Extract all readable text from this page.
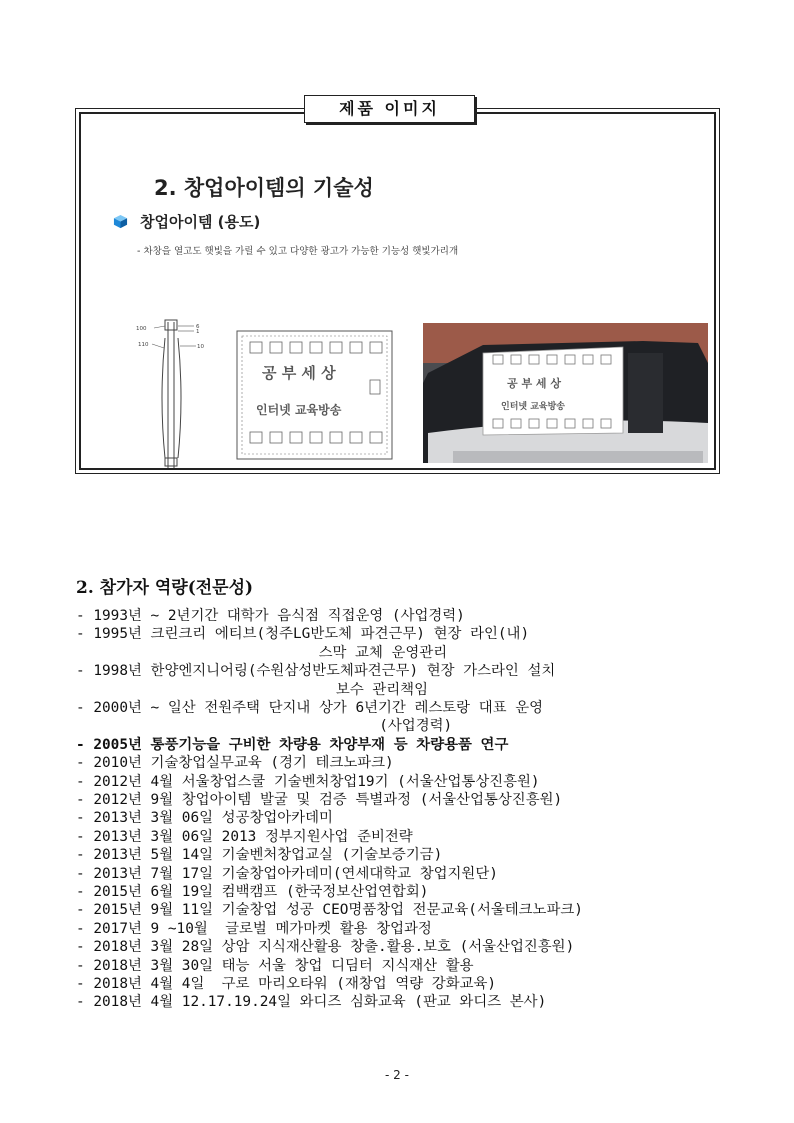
제품 이미지
2. 창업아이템의 기술성
창업아이템 (용도)
- 차창을 열고도 햇빛을 가릴 수 있고 다양한 광고가 가능한 기능성 햇빛가리개
100	6
1
110	10
공 부 세 상
인터넷 교육방송
공 부 세 상
인터넷 교육방송
2. 참가자 역량(전문성)
- 1993년 ~ 2년기간 대학가 음식점 직접운영 (사업경력)
- 1995년 크린크리 에티브(청주LG반도체 파견근무) 현장 라인(내)
스막 교체 운영관리
- 1998년 한양엔지니어링(수원삼성반도체파견근무) 현장 가스라인 설치
보수 관리책임
- 2000년 ~ 일산 전원주택 단지내 상가 6년기간 레스토랑 대표 운영
(사업경력)
- 2005년 통풍기능을 구비한 차량용 차양부재 등 차량용품 연구
- 2010년 기술창업실무교육 (경기 테크노파크)
- 2012년 4월 서울창업스쿨 기술벤처창업19기 (서울산업통상진흥원)
- 2012년 9월 창업아이템 발굴 및 검증 특별과정 (서울산업통상진흥원)
- 2013년 3월 06일 성공창업아카데미
- 2013년 3월 06일 2013 정부지원사업 준비전략
- 2013년 5월 14일 기술벤처창업교실 (기술보증기금)
- 2013년 7월 17일 기술창업아카데미(연세대학교 창업지원단)
- 2015년 6월 19일 컴백캠프 (한국정보산업연합회)
- 2015년 9월 11일 기술창업 성공 CEO명품창업 전문교육(서울테크노파크)
- 2017년 9 ~10월  글로벌 메가마켓 활용 창업과정
- 2018년 3월 28일 상암 지식재산활용 창출.활용.보호 (서울산업진흥원)
- 2018년 3월 30일 태능 서울 창업 디딤터 지식재산 활용
- 2018년 4월 4일  구로 마리오타워 (재창업 역량 강화교육)
- 2018년 4월 12.17.19.24일 와디즈 심화교육 (판교 와디즈 본사)
- 2 -
